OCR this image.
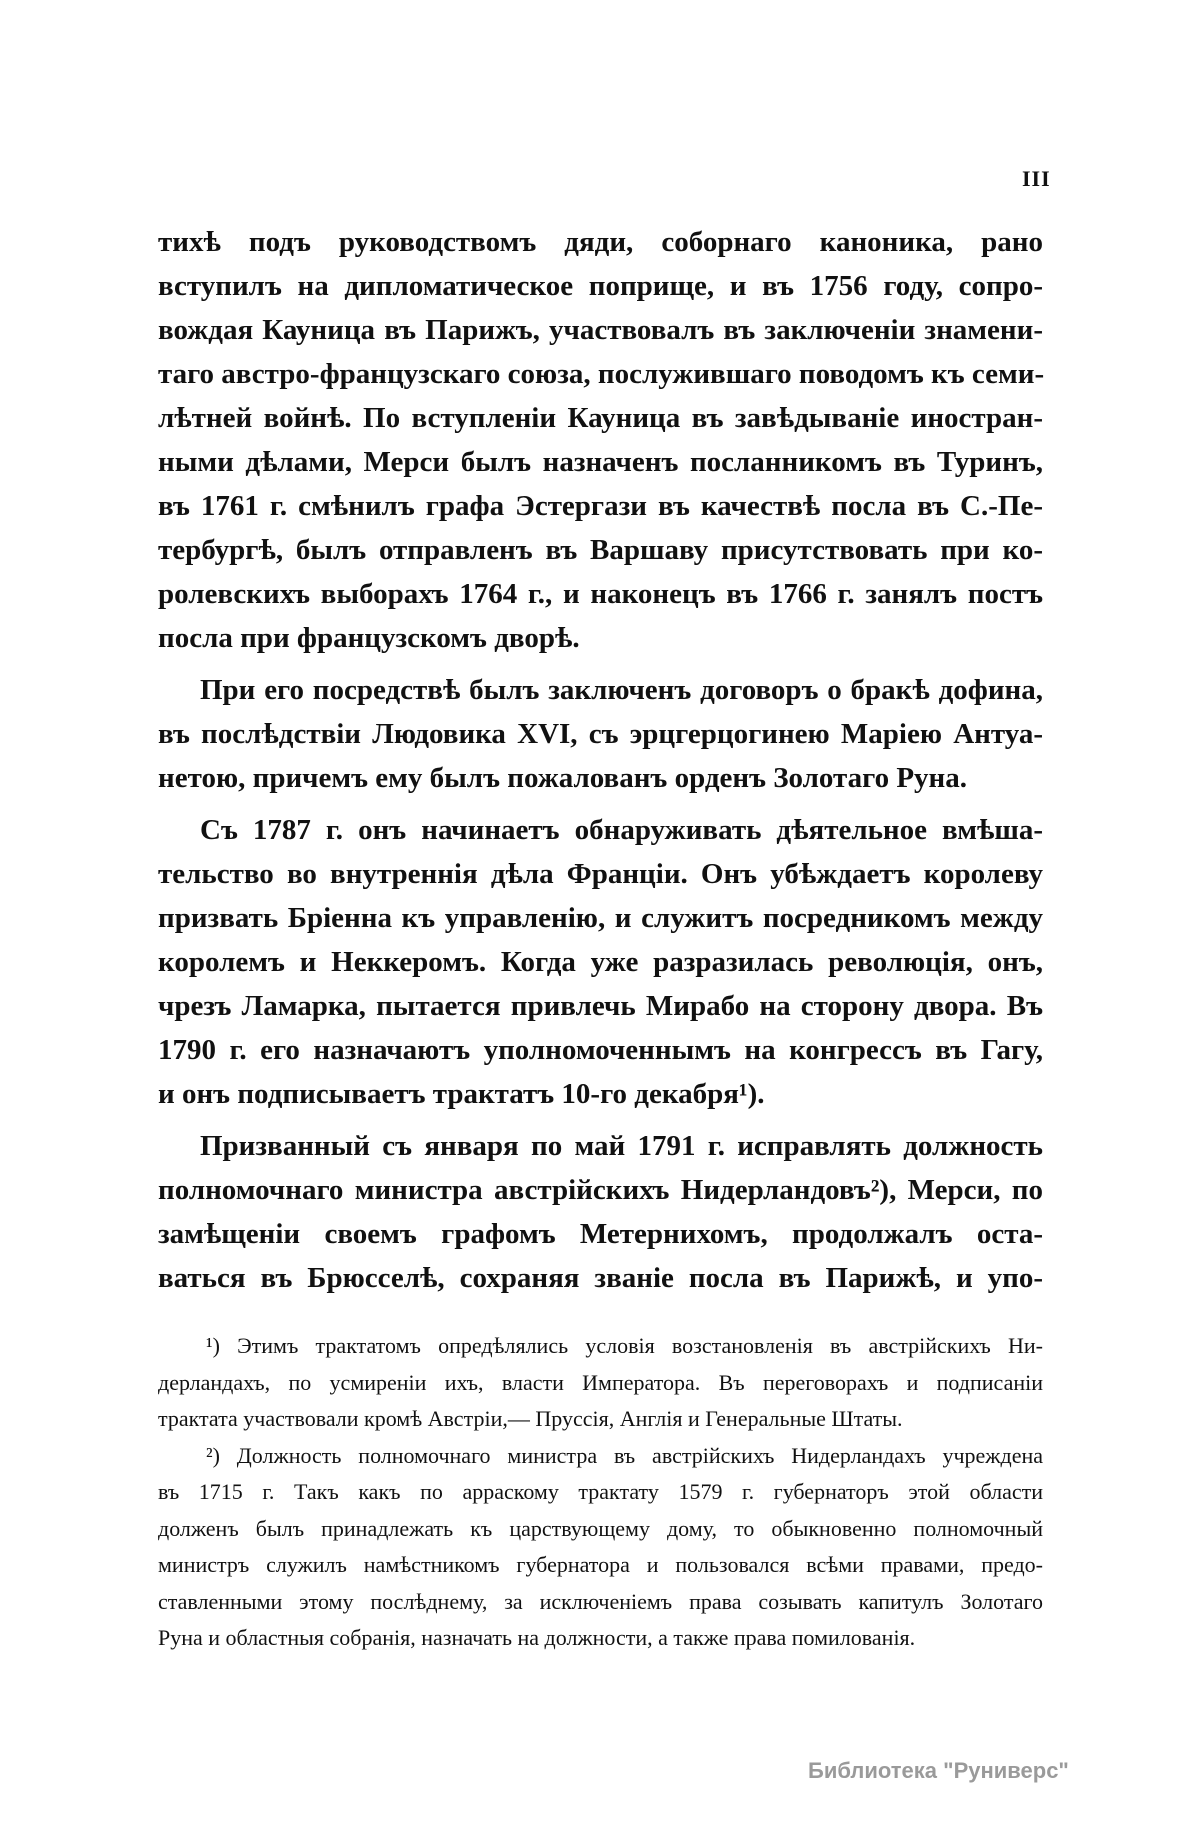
III
тихѣ подъ руководствомъ дяди, соборнаго каноника, рано
вступилъ на дипломатическое поприще, и въ 1756 году, сопро-
вождая Кауница въ Парижъ, участвовалъ въ заключеніи знамени-
таго австро-французскаго союза, послужившаго поводомъ къ семи-
лѣтней войнѣ. По вступленіи Кауница въ завѣдываніе иностран-
ными дѣлами, Мерси былъ назначенъ посланникомъ въ Туринъ,
въ 1761 г. смѣнилъ графа Эстергази въ качествѣ посла въ С.-Пе-
тербургѣ, былъ отправленъ въ Варшаву присутствовать при ко-
ролевскихъ выборахъ 1764 г., и наконецъ въ 1766 г. занялъ постъ
посла при французскомъ дворѣ.
При его посредствѣ былъ заключенъ договоръ о бракѣ дофина,
въ послѣдствіи Людовика XVI, съ эрцгерцогинею Маріею Антуа-
нетою, причемъ ему былъ пожалованъ орденъ Золотаго Руна.
Съ 1787 г. онъ начинаетъ обнаруживать дѣятельное вмѣша-
тельство во внутреннія дѣла Франціи. Онъ убѣждаетъ королеву
призвать Бріенна къ управленію, и служитъ посредникомъ между
королемъ и Неккеромъ. Когда уже разразилась революція, онъ,
чрезъ Ламарка, пытается привлечь Мирабо на сторону двора. Въ
1790 г. его назначаютъ уполномоченнымъ на конгрессъ въ Гагу,
и онъ подписываетъ трактатъ 10-го декабря¹).
Призванный съ января по май 1791 г. исправлять должность
полномочнаго министра австрійскихъ Нидерландовъ²), Мерси, по
замѣщеніи своемъ графомъ Метернихомъ, продолжалъ оста-
ваться въ Брюсселѣ, сохраняя званіе посла въ Парижѣ, и упо-
¹) Этимъ трактатомъ опредѣлялись условія возстановленія въ австрійскихъ Ни-
дерландахъ, по усмиреніи ихъ, власти Императора. Въ переговорахъ и подписаніи
трактата участвовали кромѣ Австріи,— Пруссія, Англія и Генеральные Штаты.
²) Должность полномочнаго министра въ австрійскихъ Нидерландахъ учреждена
въ 1715 г. Такъ какъ по арраскому трактату 1579 г. губернаторъ этой области
долженъ былъ принадлежать къ царствующему дому, то обыкновенно полномочный
министръ служилъ намѣстникомъ губернатора и пользовался всѣми правами, предо-
ставленными этому послѣднему, за исключеніемъ права созывать капитулъ Золотаго
Руна и областныя собранія, назначать на должности, а также права помилованія.
Библиотека "Руниверс"
